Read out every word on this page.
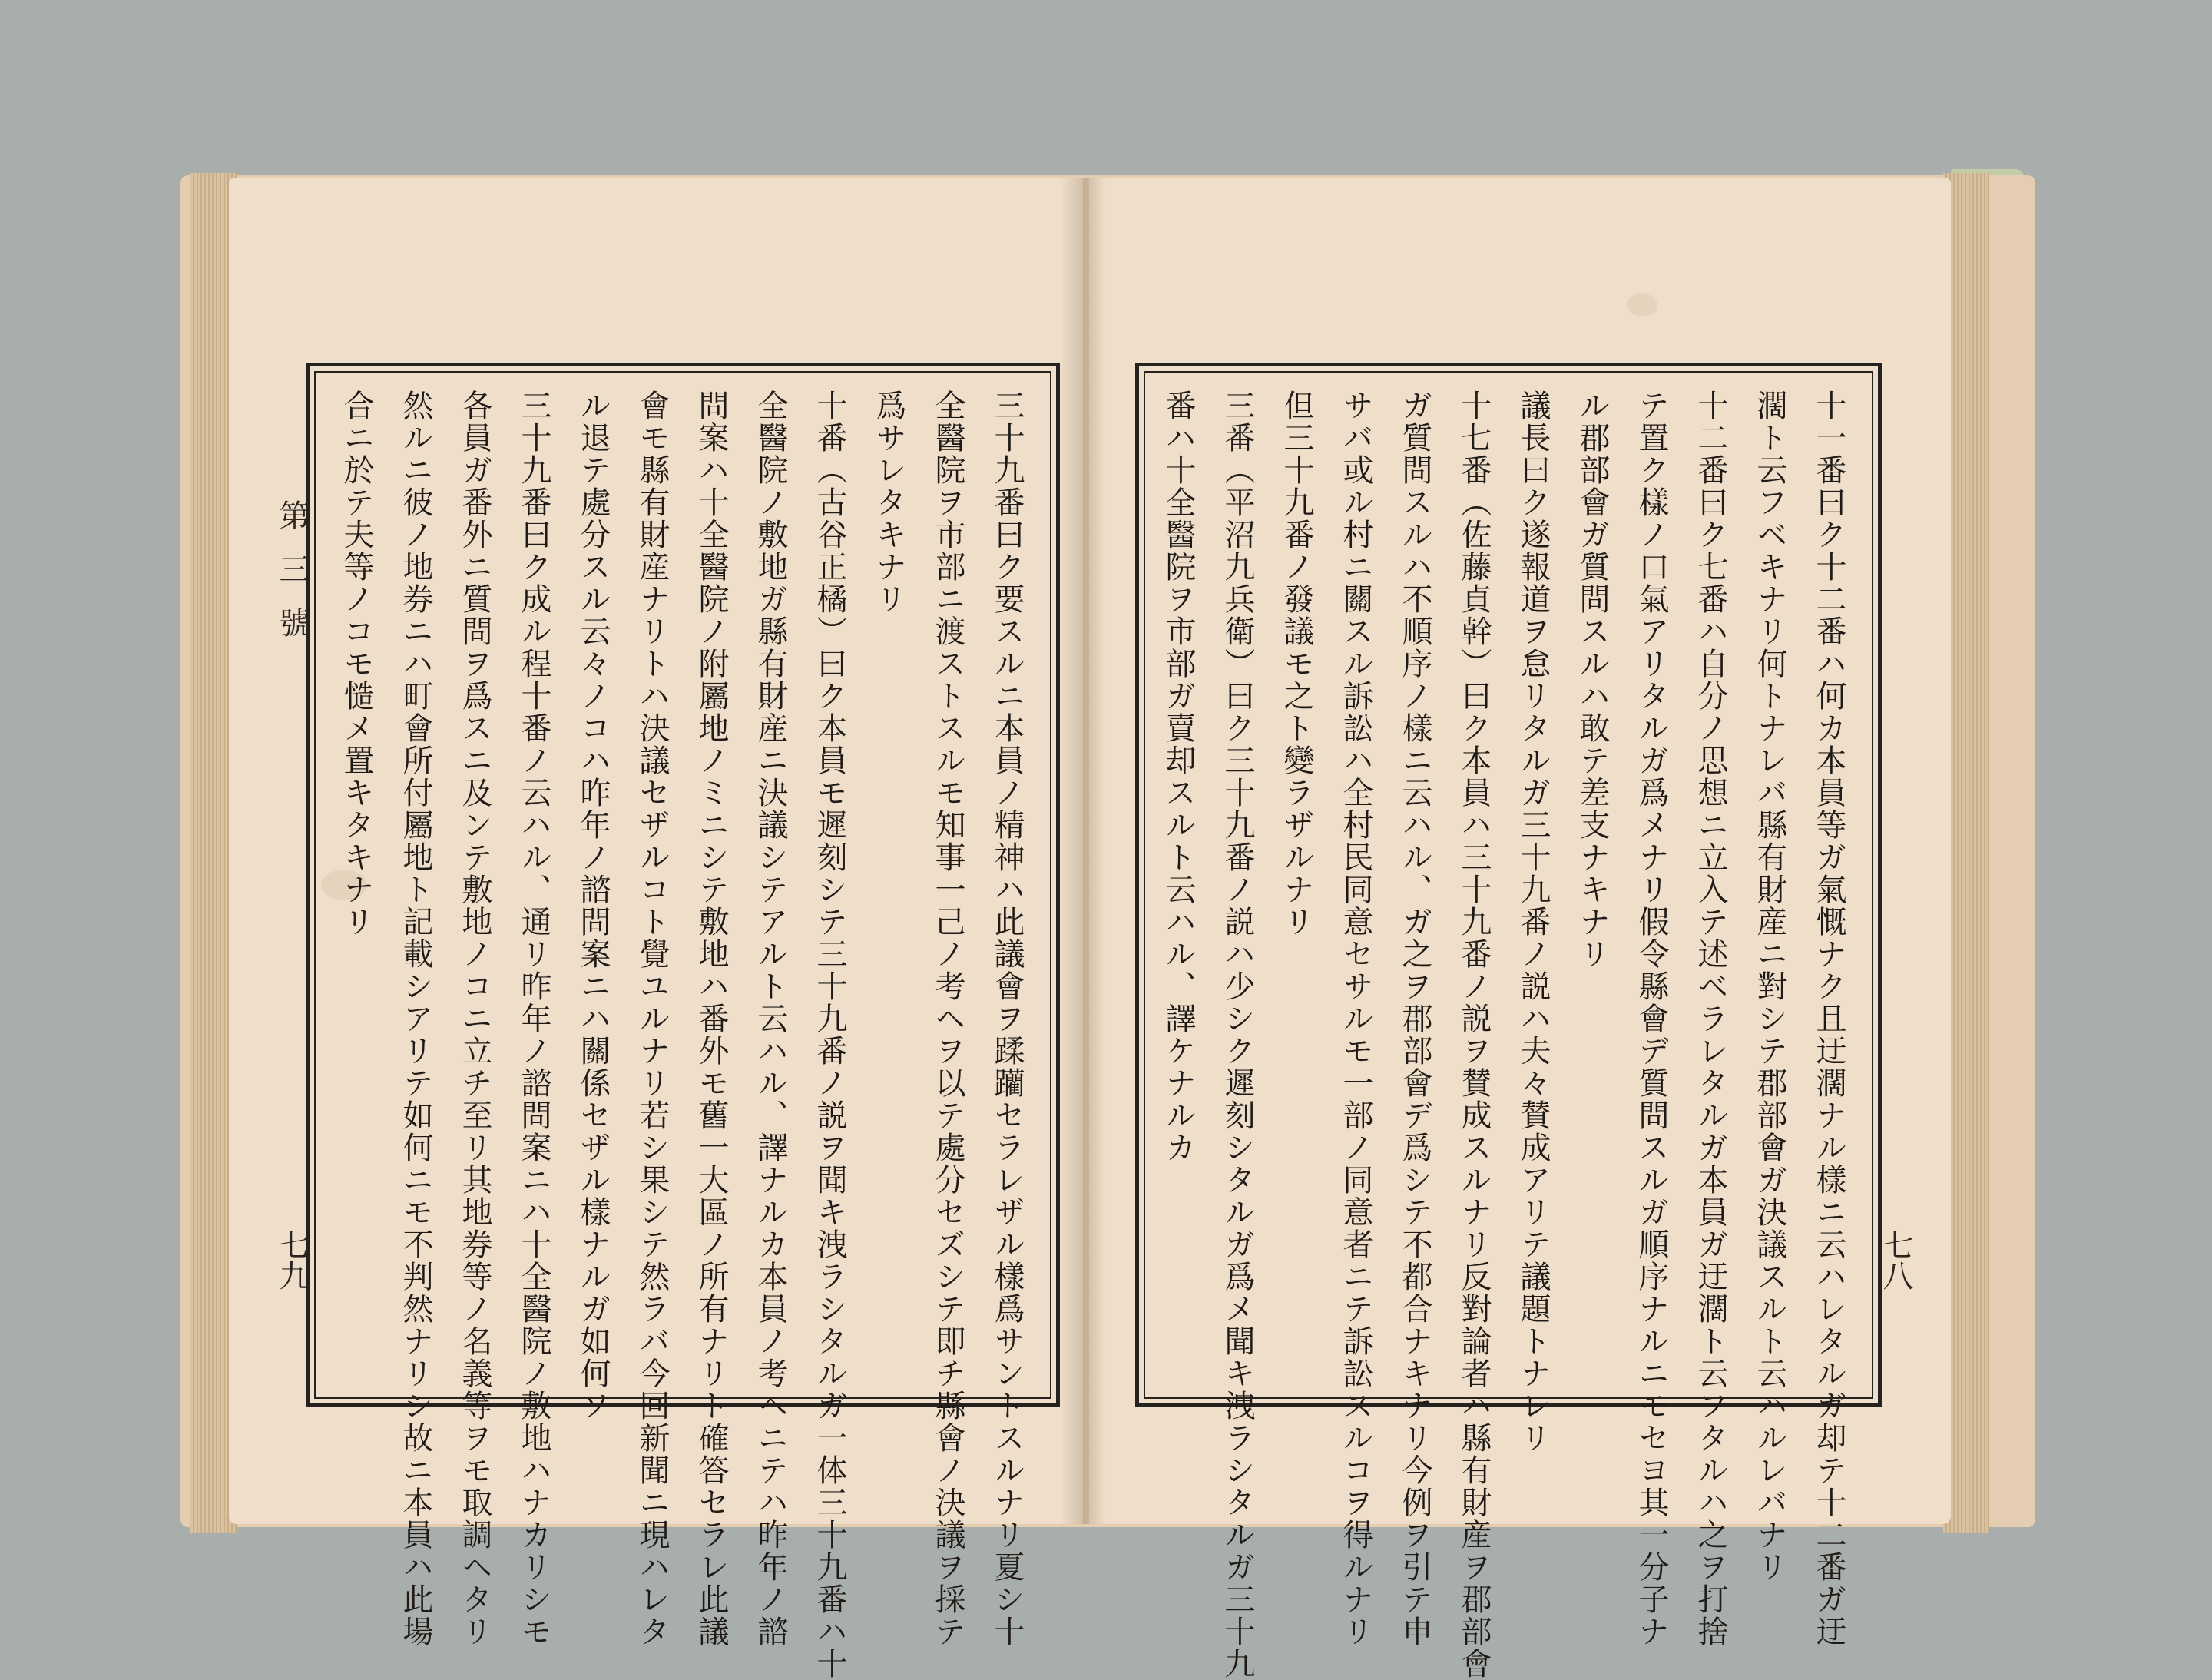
第三號
七九	三十九番曰ク要スルニ本員ノ精神ハ此議會ヲ蹂躪セラレザル樣爲サントスルナリ夏シ十
全醫院ヲ市部ニ渡ストスルモ知事一己ノ考ヘヲ以テ處分セズシテ即チ縣會ノ決議ヲ採テ
爲サレタキナリ
十番（古谷正橘）曰ク本員モ遲刻シテ三十九番ノ説ヲ聞キ洩ラシタルガ一体三十九番ハ十
全醫院ノ敷地ガ縣有財産ニ決議シテアルト云ハル、譯ナルカ本員ノ考ヘニテハ昨年ノ諮
問案ハ十全醫院ノ附屬地ノミニシテ敷地ハ番外モ舊一大區ノ所有ナリト確答セラレ此議
會モ縣有財産ナリトハ決議セザルコト覺ユルナリ若シ果シテ然ラバ今回新聞ニ現ハレタ
ル退テ處分スル云々ノコハ昨年ノ諮問案ニハ關係セザル樣ナルガ如何ソ
三十九番曰ク成ル程十番ノ云ハル、通リ昨年ノ諮問案ニハ十全醫院ノ敷地ハナカリシモ
各員ガ番外ニ質問ヲ爲スニ及ンテ敷地ノコニ立チ至リ其地券等ノ名義等ヲモ取調ヘタリ
然ルニ彼ノ地券ニハ町會所付屬地ト記載シアリテ如何ニモ不判然ナリシ故ニ本員ハ此場
合ニ於テ夫等ノコモ慥メ置キタキナリ
七八
十一番曰ク十二番ハ何カ本員等ガ氣慨ナク且迂濶ナル樣ニ云ハレタルガ却テ十二番ガ迂
濶ト云フベキナリ何トナレバ縣有財産ニ對シテ郡部會ガ決議スルト云ハルレバナリ
十二番曰ク七番ハ自分ノ思想ニ立入テ述ベラレタルガ本員ガ迂濶ト云フタルハ之ヲ打捨
テ置ク樣ノ口氣アリタルガ爲メナリ假令縣會デ質問スルガ順序ナルニモセヨ其一分子ナ
ル郡部會ガ質問スルハ敢テ差支ナキナリ
議長曰ク遂報道ヲ怠リタルガ三十九番ノ説ハ夫々賛成アリテ議題トナレリ
十七番（佐藤貞幹）曰ク本員ハ三十九番ノ説ヲ賛成スルナリ反對論者ハ縣有財産ヲ郡部會
ガ質問スルハ不順序ノ樣ニ云ハル、ガ之ヲ郡部會デ爲シテ不都合ナキナリ今例ヲ引テ申
サバ或ル村ニ關スル訴訟ハ全村民同意セサルモ一部ノ同意者ニテ訴訟スルコヲ得ルナリ
但三十九番ノ發議モ之ト變ラザルナリ
三番（平沼九兵衛）曰ク三十九番ノ説ハ少シク遲刻シタルガ爲メ聞キ洩ラシタルガ三十九
番ハ十全醫院ヲ市部ガ賣却スルト云ハル、譯ケナルカ
